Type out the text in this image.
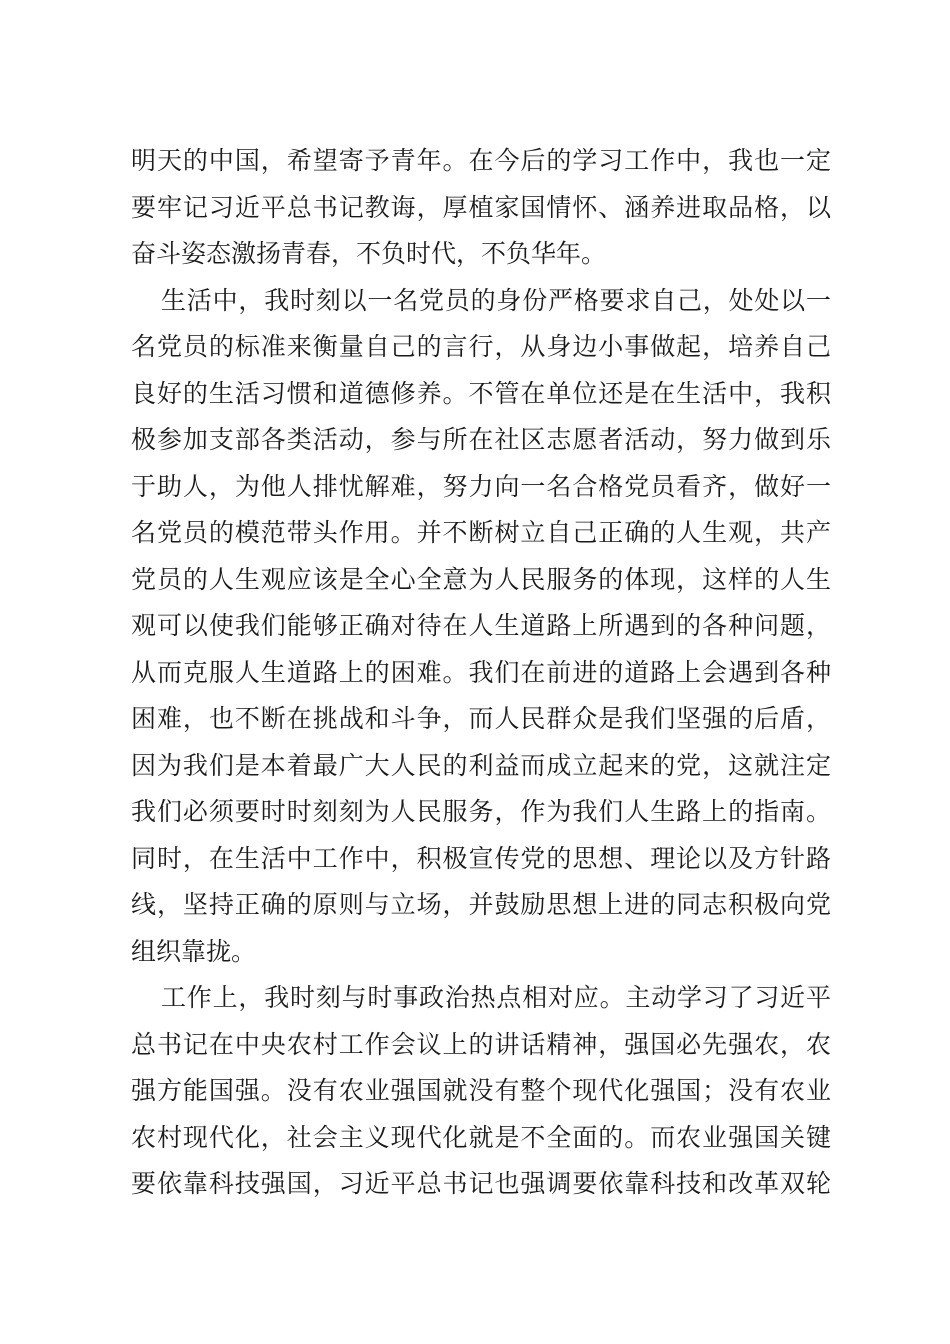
明天的中国，希望寄予青年。在今后的学习工作中，我也一定
要牢记习近平总书记教诲，厚植家国情怀、涵养进取品格，以
奋斗姿态激扬青春，不负时代，不负华年。
生活中，我时刻以一名党员的身份严格要求自己，处处以一
名党员的标准来衡量自己的言行，从身边小事做起，培养自己
良好的生活习惯和道德修养。不管在单位还是在生活中，我积
极参加支部各类活动，参与所在社区志愿者活动，努力做到乐
于助人，为他人排忧解难，努力向一名合格党员看齐，做好一
名党员的模范带头作用。并不断树立自己正确的人生观，共产
党员的人生观应该是全心全意为人民服务的体现，这样的人生
观可以使我们能够正确对待在人生道路上所遇到的各种问题，
从而克服人生道路上的困难。我们在前进的道路上会遇到各种
困难，也不断在挑战和斗争，而人民群众是我们坚强的后盾，
因为我们是本着最广大人民的利益而成立起来的党，这就注定
我们必须要时时刻刻为人民服务，作为我们人生路上的指南。
同时，在生活中工作中，积极宣传党的思想、理论以及方针路
线，坚持正确的原则与立场，并鼓励思想上进的同志积极向党
组织靠拢。
工作上，我时刻与时事政治热点相对应。主动学习了习近平
总书记在中央农村工作会议上的讲话精神，强国必先强农，农
强方能国强。没有农业强国就没有整个现代化强国；没有农业
农村现代化，社会主义现代化就是不全面的。而农业强国关键
要依靠科技强国，习近平总书记也强调要依靠科技和改革双轮
